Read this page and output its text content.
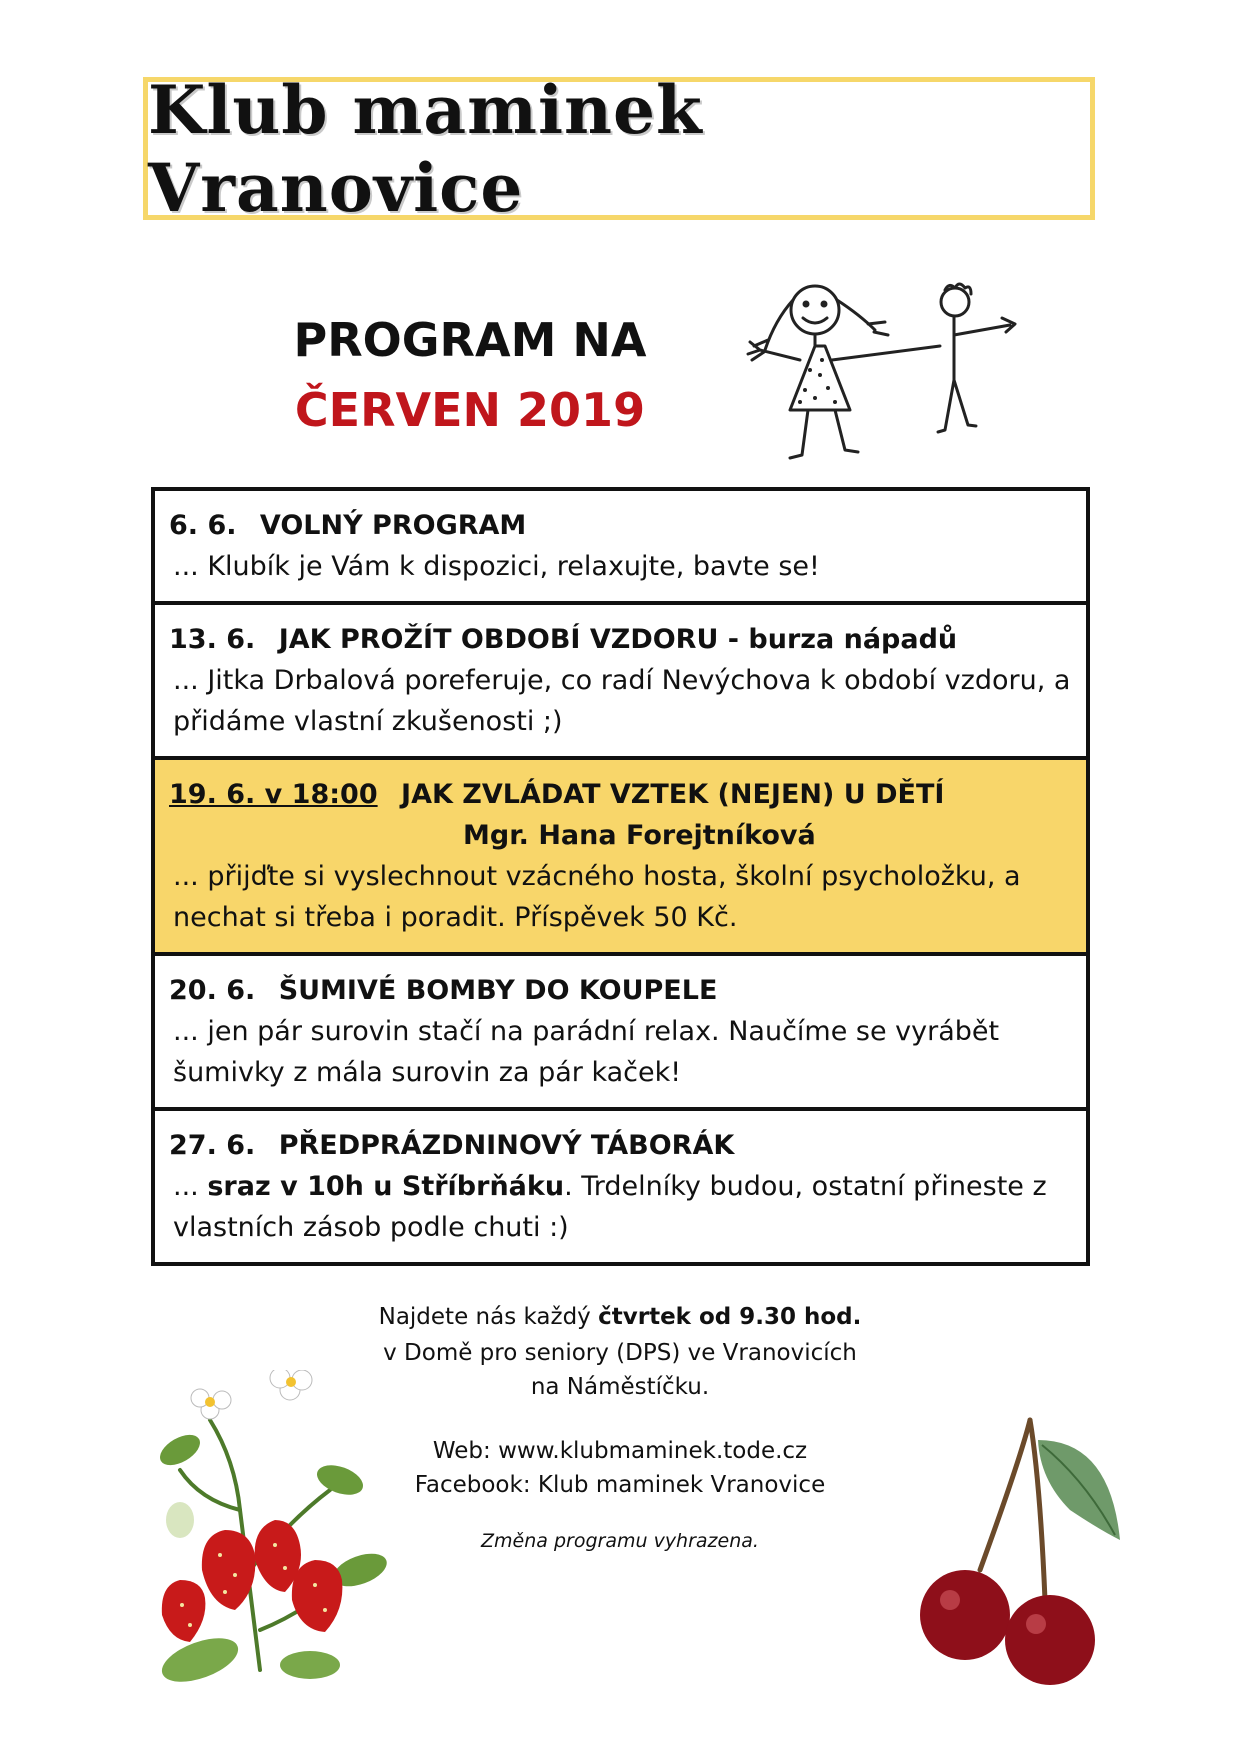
Klub maminek Vranovice
PROGRAM NA
ČERVEN 2019
6. 6. VOLNÝ PROGRAM
... Klubík je Vám k dispozici, relaxujte, bavte se!
13. 6. JAK PROŽÍT OBDOBÍ VZDORU - burza nápadů
... Jitka Drbalová poreferuje, co radí Nevýchova k období vzdoru, a přidáme vlastní zkušenosti ;)
19. 6. v 18:00 JAK ZVLÁDAT VZTEK (NEJEN) U DĚTÍ
Mgr. Hana Forejtníková
... přijďte si vyslechnout vzácného hosta, školní psycholožku, a nechat si třeba i poradit. Příspěvek 50 Kč.
20. 6. ŠUMIVÉ BOMBY DO KOUPELE
... jen pár surovin stačí na parádní relax. Naučíme se vyrábět šumivky z mála surovin za pár kaček!
27. 6. PŘEDPRÁZDNINOVÝ TÁBORÁK
... sraz v 10h u Stříbrňáku. Trdelníky budou, ostatní přineste z vlastních zásob podle chuti :)
Najdete nás každý čtvrtek od 9.30 hod.
v Domě pro seniory (DPS) ve Vranovicích
na Náměstíčku.
Web: www.klubmaminek.tode.cz
Facebook: Klub maminek Vranovice
Změna programu vyhrazena.
